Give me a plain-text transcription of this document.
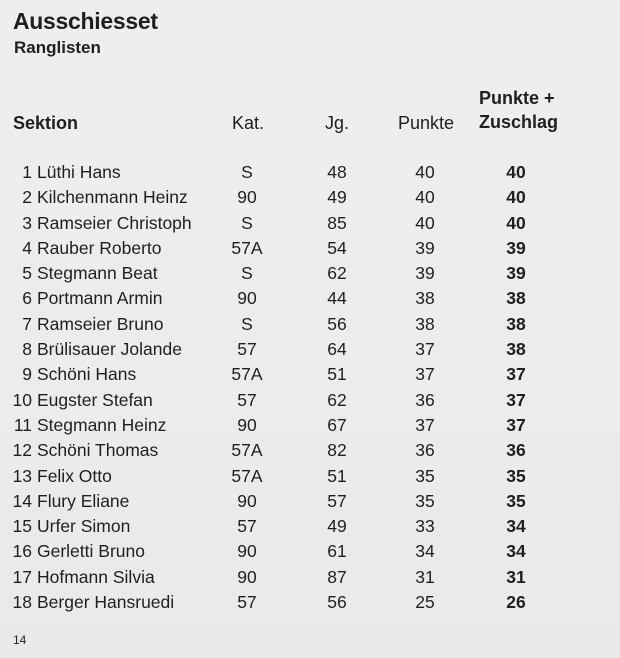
Ausschiesset
Ranglisten
Sektion	Kat.	Jg.	Punkte
Punkte +
Zuschlag
1 Lüthi Hans	S	48	40	40
2 Kilchenmann Heinz	90	49	40	40
3 Ramseier Christoph	S	85	40	40
4 Rauber Roberto	57A	54	39	39
5 Stegmann Beat	S	62	39	39
6 Portmann Armin	90	44	38	38
7 Ramseier Bruno	S	56	38	38
8 Brülisauer Jolande	57	64	37	38
9 Schöni Hans	57A	51	37	37
10 Eugster Stefan	57	62	36	37
11 Stegmann Heinz	90	67	37	37
12 Schöni Thomas	57A	82	36	36
13 Felix Otto	57A	51	35	35
14 Flury Eliane	90	57	35	35
15 Urfer Simon	57	49	33	34
16 Gerletti Bruno	90	61	34	34
17 Hofmann Silvia	90	87	31	31
18 Berger Hansruedi	57	56	25	26
14
